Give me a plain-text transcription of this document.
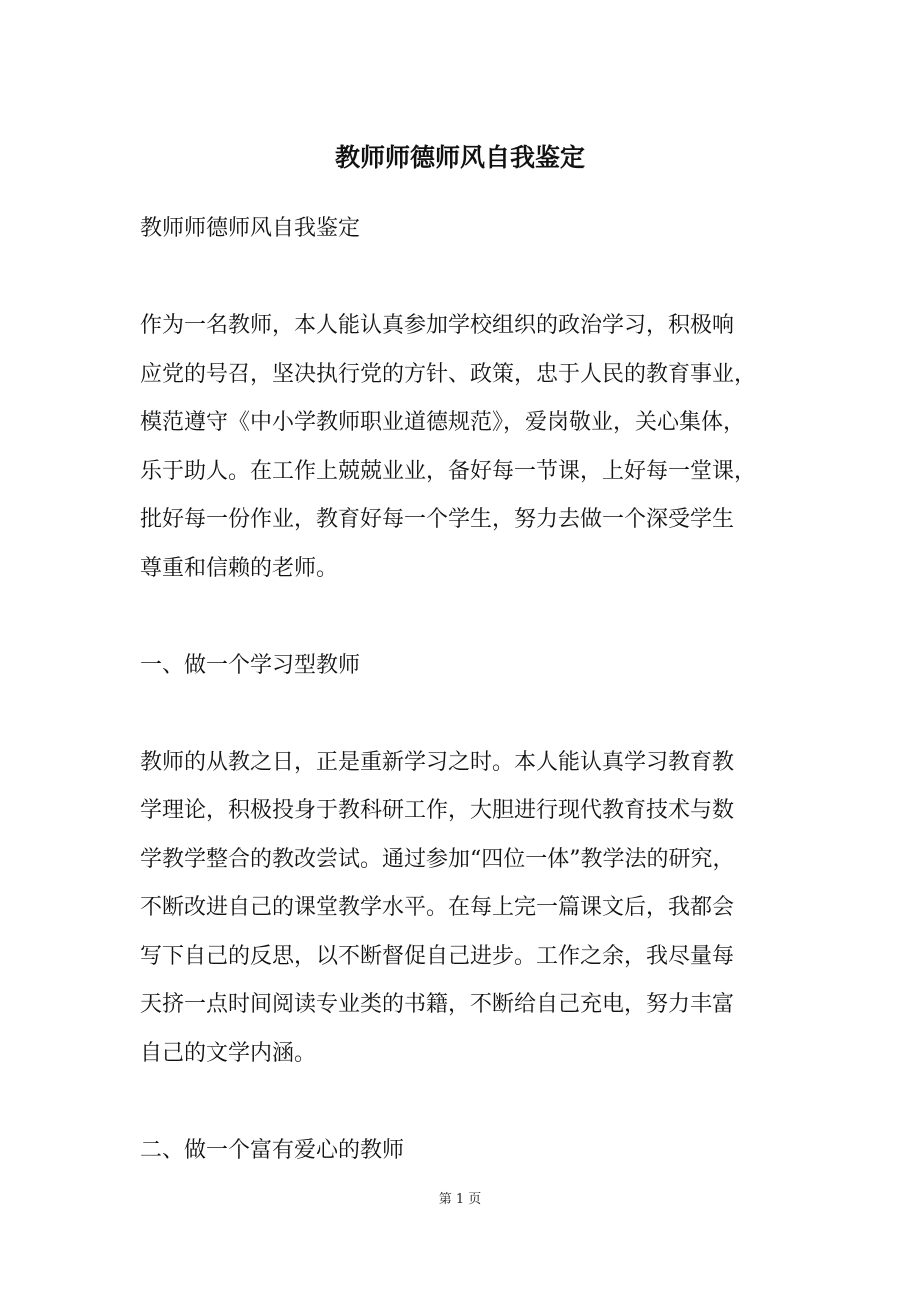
教师师德师风自我鉴定

教师师德师风自我鉴定

作为一名教师，本人能认真参加学校组织的政治学习，积极响

应党的号召，坚决执行党的方针、政策，忠于人民的教育事业，

模范遵守《中小学教师职业道德规范》，爱岗敬业，关心集体，

乐于助人。在工作上兢兢业业，备好每一节课，上好每一堂课，

批好每一份作业，教育好每一个学生，努力去做一个深受学生

尊重和信赖的老师。

一、做一个学习型教师

教师的从教之日，正是重新学习之时。本人能认真学习教育教

学理论，积极投身于教科研工作，大胆进行现代教育技术与数

学教学整合的教改尝试。通过参加“四位一体”教学法的研究，

不断改进自己的课堂教学水平。在每上完一篇课文后，我都会

写下自己的反思，以不断督促自己进步。工作之余，我尽量每

天挤一点时间阅读专业类的书籍，不断给自己充电，努力丰富

自己的文学内涵。

二、做一个富有爱心的教师

第 1 页
